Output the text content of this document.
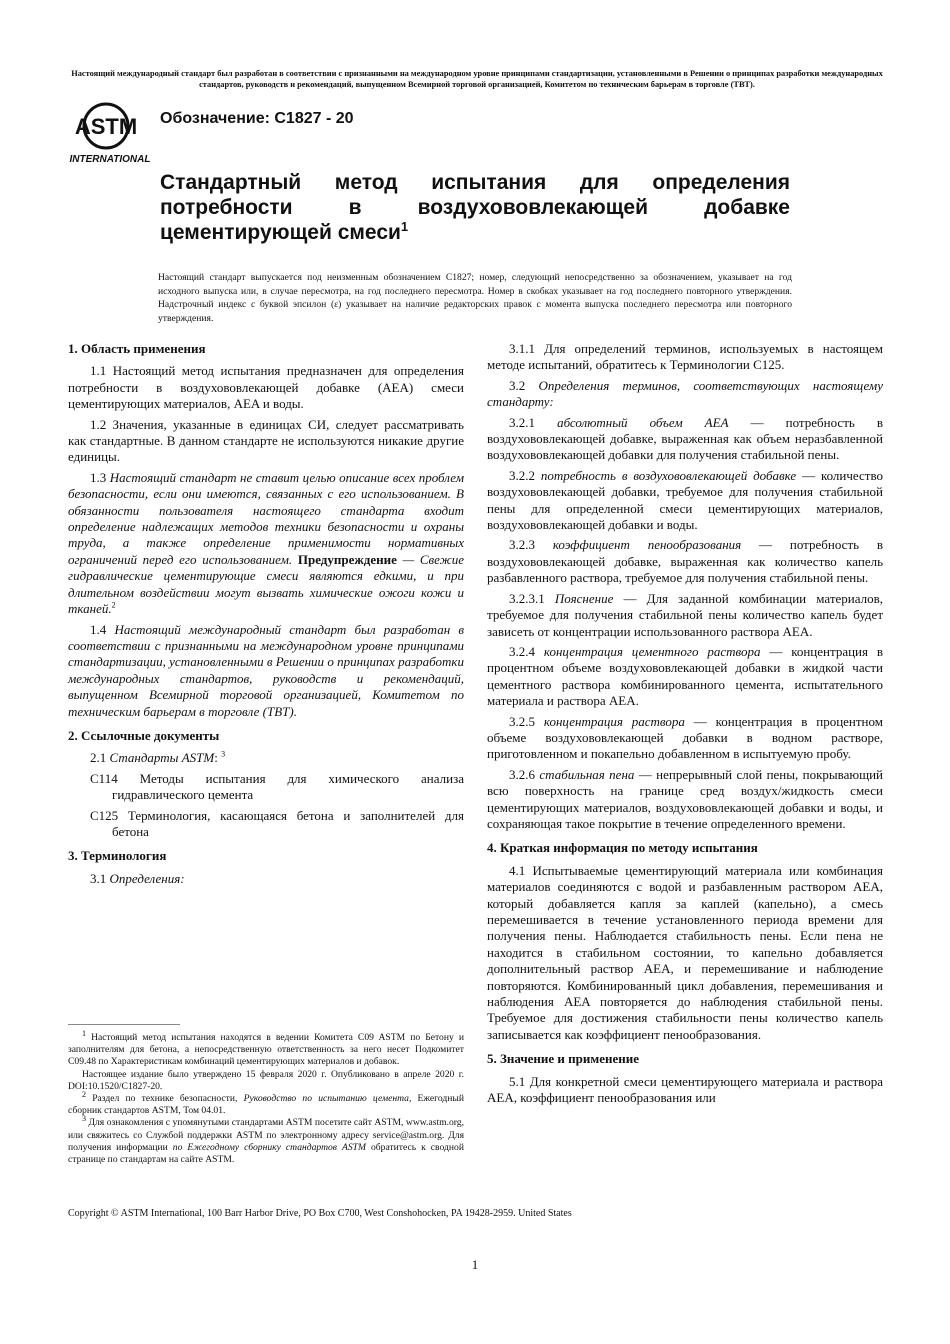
Настоящий международный стандарт был разработан в соответствии с признанными на международном уровне принципами стандартизации, установленными в Решении о принципах разработки международных стандартов, руководств и рекомендаций, выпущенном Всемирной торговой организацией, Комитетом по техническим барьерам в торговле (ТВТ).
ASTM
INTERNATIONAL
Обозначение: C1827 - 20
Стандартный метод испытания для определения потребности в воздухововлекающей добавке цементирующей смеси$^1$
Настоящий стандарт выпускается под неизменным обозначением C1827; номер, следующий непосредственно за обозначением, указывает на год исходного выпуска или, в случае пересмотра, на год последнего пересмотра. Номер в скобках указывает на год последнего повторного утверждения. Надстрочный индекс с буквой эпсилон (ε) указывает на наличие редакторских правок с момента выпуска последнего пересмотра или повторного утверждения.
1. Область применения

1.1 Настоящий метод испытания предназначен для определения потребности в воздухововлекающей добавке (AEA) смеси цементирующих материалов, AEA и воды.

1.2 Значения, указанные в единицах СИ, следует рассматривать как стандартные. В данном стандарте не используются никакие другие единицы.

1.3 Настоящий стандарт не ставит целью описание всех проблем безопасности, если они имеются, связанных с его использованием. В обязанности пользователя настоящего стандарта входит определение надлежащих методов техники безопасности и охраны труда, а также определение применимости нормативных ограничений перед его использованием. Предупреждение — Свежие гидравлические цементирующие смеси являются едкими, и при длительном воздействии могут вызвать химические ожоги кожи и тканей.$^2$

1.4 Настоящий международный стандарт был разработан в соответствии с признанными на международном уровне принципами стандартизации, установленными в Решении о принципах разработки международных стандартов, руководств и рекомендаций, выпущенном Всемирной торговой организацией, Комитетом по техническим барьерам в торговле (TBT).

2. Ссылочные документы

2.1 Стандарты ASTM: $^3$

C114 Методы испытания для химического анализа гидравлического цемента
C125 Терминология, касающаяся бетона и заполнителей для бетона
3. Терминология

3.1 Определения:

3.1.1 Для определений терминов, используемых в настоящем методе испытаний, обратитесь к Терминологии C125.

3.2 Определения терминов, соответствующих настоящему стандарту:

3.2.1 абсолютный объем AEA — потребность в воздухововлекающей добавке, выраженная как объем неразбавленной воздухововлекающей добавки для получения стабильной пены.

3.2.2 потребность в воздухововлекающей добавке — количество воздухововлекающей добавки, требуемое для получения стабильной пены для определенной смеси цементирующих материалов, воздухововлекающей добавки и воды.

3.2.3 коэффициент пенообразования — потребность в воздухововлекающей добавке, выраженная как количество капель разбавленного раствора, требуемое для получения стабильной пены.

3.2.3.1 Пояснение — Для заданной комбинации материалов, требуемое для получения стабильной пены количество капель будет зависеть от концентрации использованного раствора AEA.

3.2.4 концентрация цементного раствора — концентрация в процентном объеме воздухововлекающей добавки в жидкой части цементного раствора комбинированного цемента, испытательного материала и раствора AEA.

3.2.5 концентрация раствора — концентрация в процентном объеме воздухововлекающей добавки в водном растворе, приготовленном и покапельно добавленном в испытуемую пробу.

3.2.6 стабильная пена — непрерывный слой пены, покрывающий всю поверхность на границе сред воздух/жидкость смеси цементирующих материалов, воздухововлекающей добавки и воды, и сохраняющая такое покрытие в течение определенного времени.

4. Краткая информация по методу испытания

4.1 Испытываемые цементирующий материала или комбинация материалов соединяются с водой и разбавленным раствором AEA, который добавляется капля за каплей (капельно), а смесь перемешивается в течение установленного периода времени для получения пены. Наблюдается стабильность пены. Если пена не находится в стабильном состоянии, то капельно добавляется дополнительный раствор AEA, и перемешивание и наблюдение повторяются. Комбинированный цикл добавления, перемешивания и наблюдения AEA повторяется до наблюдения стабильной пены. Требуемое для достижения стабильности пены количество капель записывается как коэффициент пенообразования.

5. Значение и применение

5.1 Для конкретной смеси цементирующего материала и раствора AEA, коэффициент пенообразования или

$^1$ Настоящий метод испытания находятся в ведении Комитета C09 ASTM по Бетону и заполнителям для бетона, а непосредственную ответственность за него несет Подкомитет C09.48 по Характеристикам комбинаций цементирующих материалов и добавок.

Настоящее издание было утверждено 15 февраля 2020 г. Опубликовано в апреле 2020 г. DOI:10.1520/C1827-20.

$^2$ Раздел по технике безопасности, Руководство по испытанию цемента, Ежегодный сборник стандартов ASTM, Том 04.01.

$^3$ Для ознакомления с упомянутыми стандартами ASTM посетите сайт ASTM, www.astm.org, или свяжитесь со Службой поддержки ASTM по электронному адресу service@astm.org. Для получения информации по Ежегодному сборнику стандартов ASTM обратитесь к сводной странице по стандартам на сайте ASTM.

Copyright © ASTM International, 100 Barr Harbor Drive, PO Box C700, West Conshohocken, PA 19428-2959. United States
1
